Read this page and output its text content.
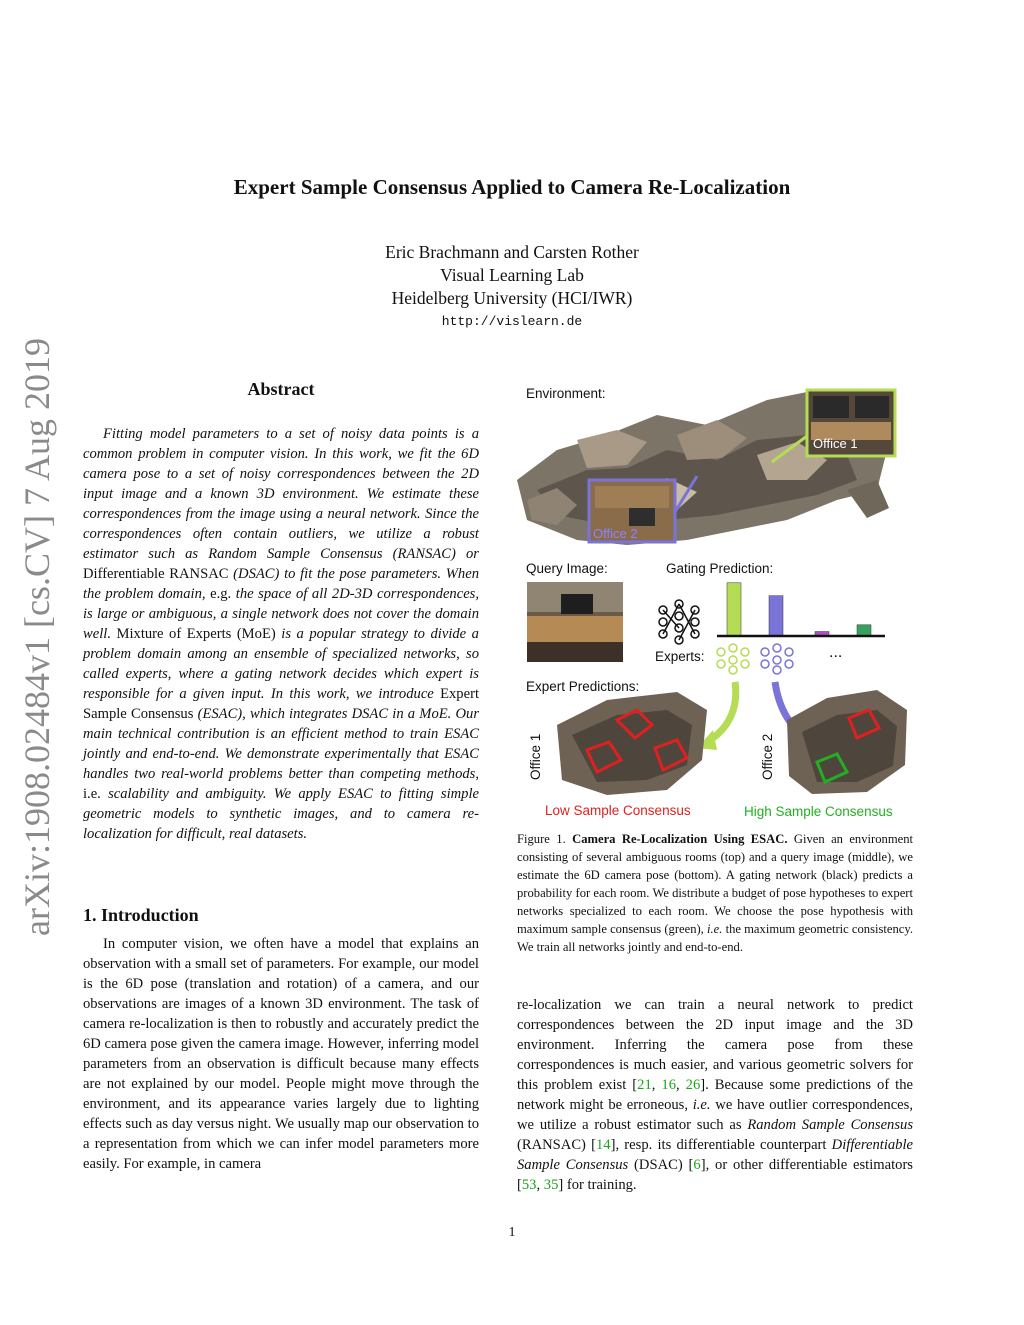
arXiv:1908.02484v1 [cs.CV] 7 Aug 2019
Expert Sample Consensus Applied to Camera Re-Localization
Eric Brachmann and Carsten Rother
Visual Learning Lab
Heidelberg University (HCI/IWR)
http://vislearn.de
Abstract
Fitting model parameters to a set of noisy data points is a common problem in computer vision. In this work, we fit the 6D camera pose to a set of noisy correspondences between the 2D input image and a known 3D environment. We estimate these correspondences from the image using a neural network. Since the correspondences often contain outliers, we utilize a robust estimator such as Random Sample Consensus (RANSAC) or Differentiable RANSAC (DSAC) to fit the pose parameters. When the problem domain, e.g. the space of all 2D-3D correspondences, is large or ambiguous, a single network does not cover the domain well. Mixture of Experts (MoE) is a popular strategy to divide a problem domain among an ensemble of specialized networks, so called experts, where a gating network decides which expert is responsible for a given input. In this work, we introduce Expert Sample Consensus (ESAC), which integrates DSAC in a MoE. Our main technical contribution is an efficient method to train ESAC jointly and end-to-end. We demonstrate experimentally that ESAC handles two real-world problems better than competing methods, i.e. scalability and ambiguity. We apply ESAC to fitting simple geometric models to synthetic images, and to camera re-localization for difficult, real datasets.
1. Introduction
In computer vision, we often have a model that explains an observation with a small set of parameters. For example, our model is the 6D pose (translation and rotation) of a camera, and our observations are images of a known 3D environment. The task of camera re-localization is then to robustly and accurately predict the 6D camera pose given the camera image. However, inferring model parameters from an observation is difficult because many effects are not explained by our model. People might move through the environment, and its appearance varies largely due to lighting effects such as day versus night. We usually map our observation to a representation from which we can infer model parameters more easily. For example, in camera
Environment:
Office 1
Office 2
Query Image:	Gating Prediction:
Experts:	...
Expert Predictions:
Office 1	Office 2
Low Sample Consensus	High Sample Consensus
Figure 1. Camera Re-Localization Using ESAC. Given an environment consisting of several ambiguous rooms (top) and a query image (middle), we estimate the 6D camera pose (bottom). A gating network (black) predicts a probability for each room. We distribute a budget of pose hypotheses to expert networks specialized to each room. We choose the pose hypothesis with maximum sample consensus (green), i.e. the maximum geometric consistency. We train all networks jointly and end-to-end.
re-localization we can train a neural network to predict correspondences between the 2D input image and the 3D environment. Inferring the camera pose from these correspondences is much easier, and various geometric solvers for this problem exist [21, 16, 26]. Because some predictions of the network might be erroneous, i.e. we have outlier correspondences, we utilize a robust estimator such as Random Sample Consensus (RANSAC) [14], resp. its differentiable counterpart Differentiable Sample Consensus (DSAC) [6], or other differentiable estimators [53, 35] for training.
1
